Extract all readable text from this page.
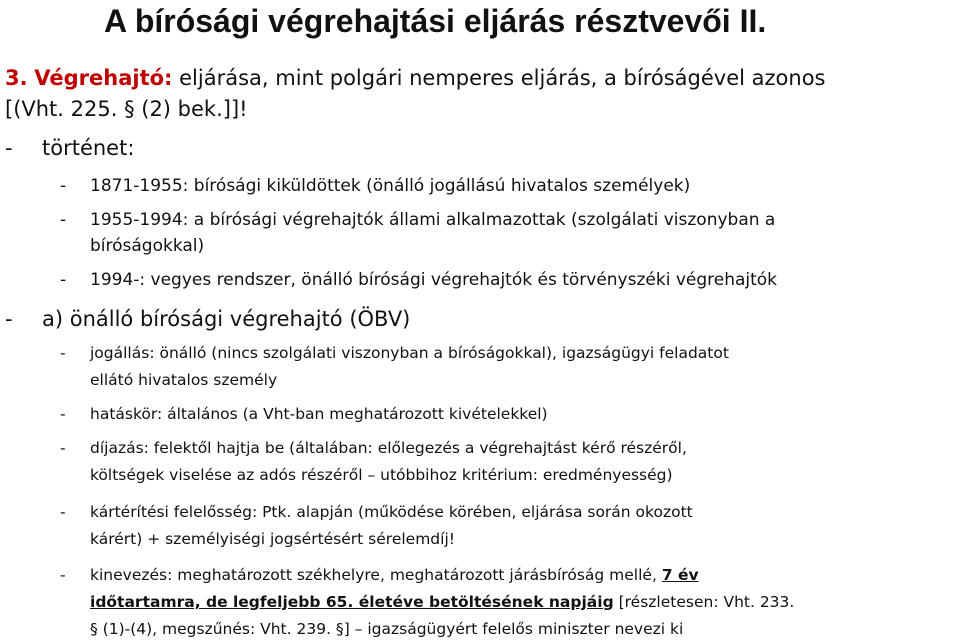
A bírósági végrehajtási eljárás résztvevői II.
3. Végrehajtó: eljárása, mint polgári nemperes eljárás, a bíróságével azonos
[(Vht. 225. § (2) bek.]]!
- történet:
- 1871-1955: bírósági kiküldöttek (önálló jogállású hivatalos személyek)
- 1955-1994: a bírósági végrehajtók állami alkalmazottak (szolgálati viszonyban a
bíróságokkal)
- 1994-: vegyes rendszer, önálló bírósági végrehajtók és törvényszéki végrehajtók
- a) önálló bírósági végrehajtó (ÖBV)
- jogállás: önálló (nincs szolgálati viszonyban a bíróságokkal), igazságügyi feladatot
ellátó hivatalos személy
- hatáskör: általános (a Vht-ban meghatározott kivételekkel)
- díjazás: felektől hajtja be (általában: előlegezés a végrehajtást kérő részéről,
költségek viselése az adós részéről – utóbbihoz kritérium: eredményesség)
- kártérítési felelősség: Ptk. alapján (működése körében, eljárása során okozott
kárért) + személyiségi jogsértésért sérelemdíj!
- kinevezés: meghatározott székhelyre, meghatározott járásbíróság mellé, 7 év
időtartamra, de legfeljebb 65. életéve betöltésének napjáig [részletesen: Vht. 233.
§ (1)-(4), megszűnés: Vht. 239. §] – igazságügyért felelős miniszter nevezi ki
